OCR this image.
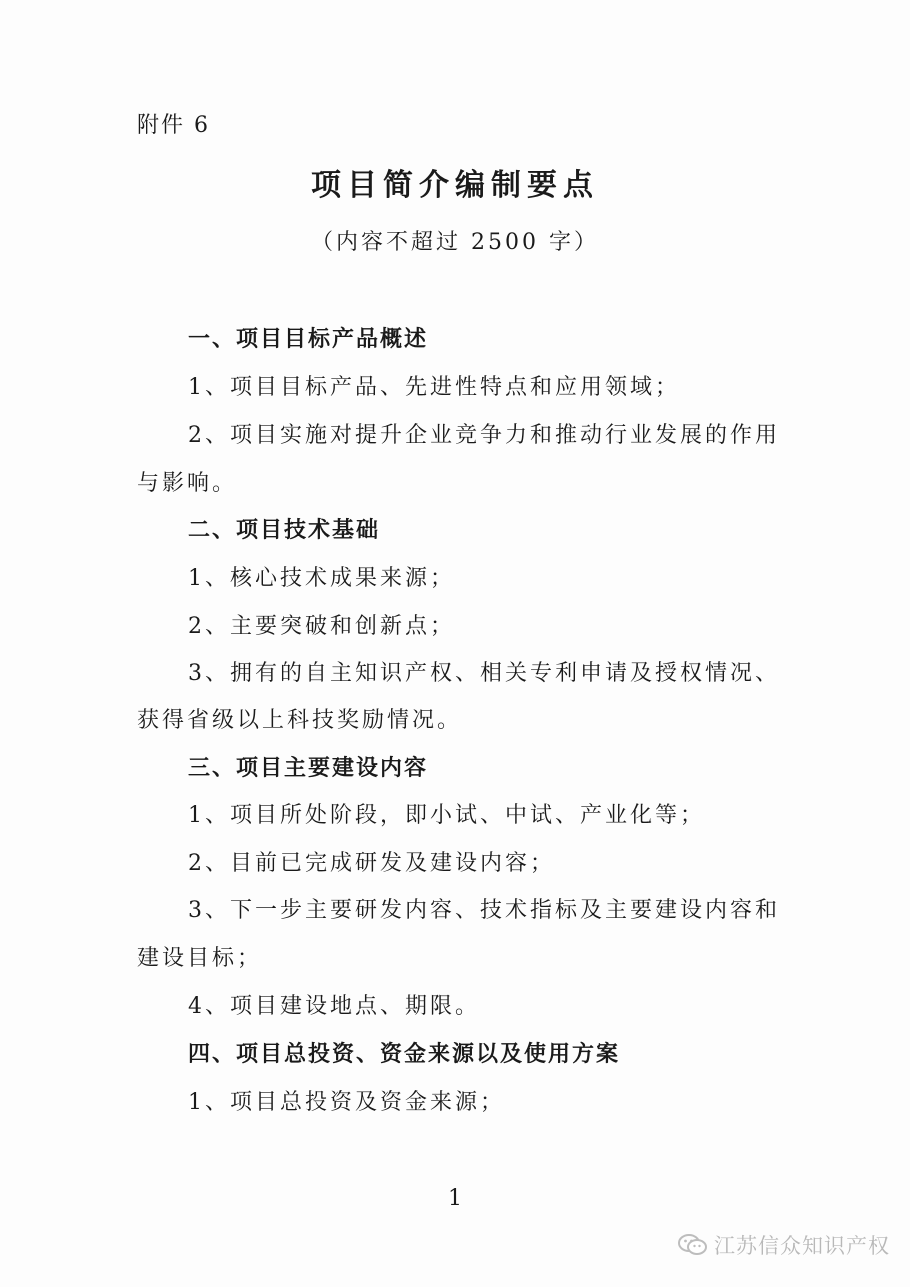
附件 6
项目简介编制要点
（内容不超过 2500 字）
一、项目目标产品概述
1、项目目标产品、先进性特点和应用领域；
2、项目实施对提升企业竞争力和推动行业发展的作用
与影响。
二、项目技术基础
1、核心技术成果来源；
2、主要突破和创新点；
3、拥有的自主知识产权、相关专利申请及授权情况、
获得省级以上科技奖励情况。
三、项目主要建设内容
1、项目所处阶段，即小试、中试、产业化等；
2、目前已完成研发及建设内容；
3、下一步主要研发内容、技术指标及主要建设内容和
建设目标；
4、项目建设地点、期限。
四、项目总投资、资金来源以及使用方案
1、项目总投资及资金来源；
1
江苏信众知识产权
